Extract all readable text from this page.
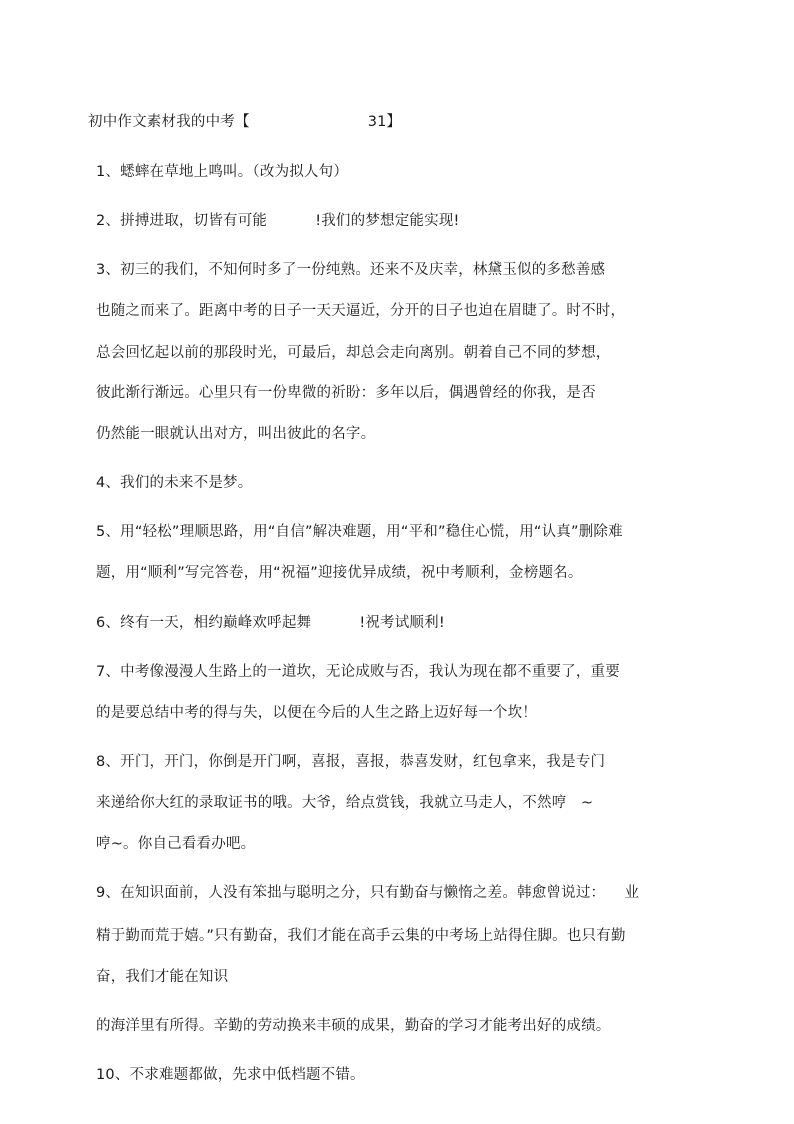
初中作文素材我的中考【	31】
1、蟋蟀在草地上鸣叫。（改为拟人句）
2、拼搏进取，切皆有可能          !我们的梦想定能实现!
3、初三的我们，不知何时多了一份纯熟。还来不及庆幸，林黛玉似的多愁善感
也随之而来了。距离中考的日子一天天逼近，分开的日子也迫在眉睫了。时不时，
总会回忆起以前的那段时光，可最后，却总会走向离别。朝着自己不同的梦想，
彼此渐行渐远。心里只有一份卑微的祈盼：多年以后，偶遇曾经的你我，是否
仍然能一眼就认出对方，叫出彼此的名字。
4、我们的未来不是梦。
5、用“轻松”理顺思路，用“自信”解决难题，用“平和”稳住心慌，用“认真”删除难
题，用“顺利”写完答卷，用“祝福”迎接优异成绩，祝中考顺利，金榜题名。
6、终有一天，相约巅峰欢呼起舞          !祝考试顺利!
7、中考像漫漫人生路上的一道坎，无论成败与否，我认为现在都不重要了，重要
的是要总结中考的得与失，以便在今后的人生之路上迈好每一个坎！
8、开门，开门，你倒是开门啊，喜报，喜报，恭喜发财，红包拿来，我是专门
来递给你大红的录取证书的哦。大爷，给点赏钱，我就立马走人，不然哼   ~
哼~。你自己看看办吧。
9、在知识面前，人没有笨拙与聪明之分，只有勤奋与懒惰之差。韩愈曾说过：    业
精于勤而荒于嬉。”只有勤奋，我们才能在高手云集的中考场上站得住脚。也只有勤
奋，我们才能在知识
的海洋里有所得。辛勤的劳动换来丰硕的成果，勤奋的学习才能考出好的成绩。
10、不求难题都做，先求中低档题不错。
